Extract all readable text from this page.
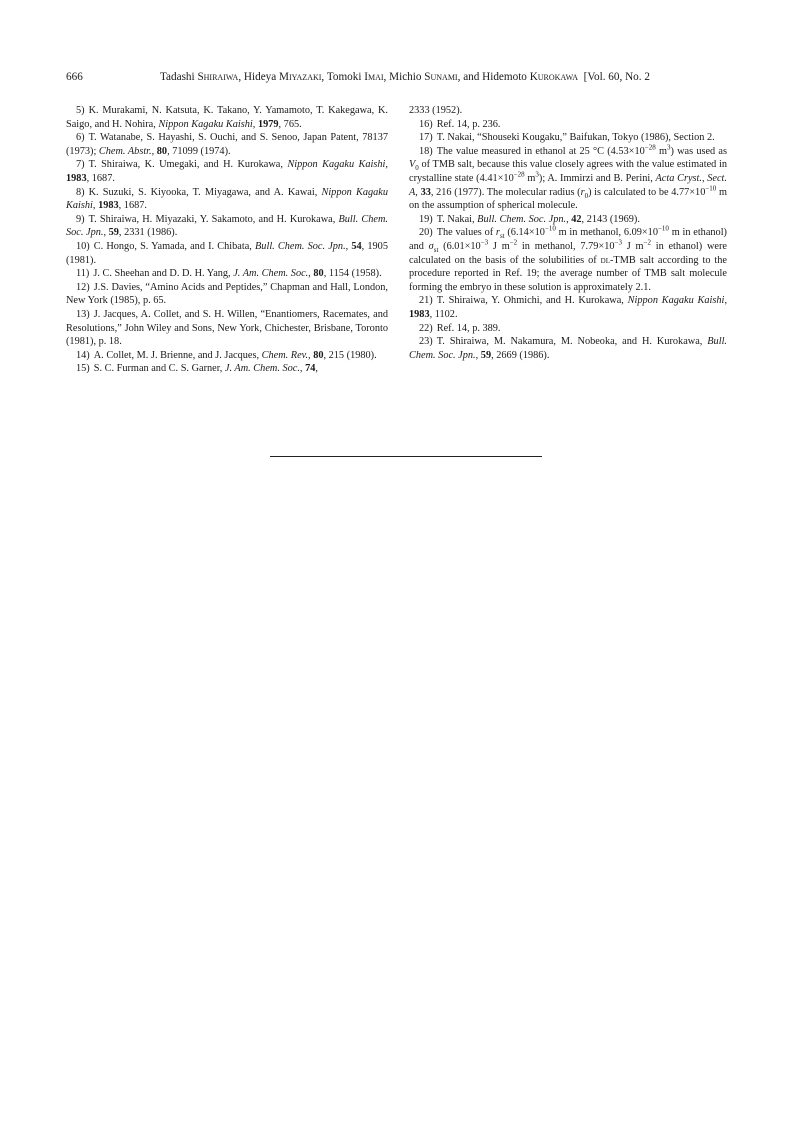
666	Tadashi Shiraiwa, Hideya Miyazaki, Tomoki Imai, Michio Sunami, and Hidemoto Kurokawa [Vol. 60, No. 2

5) K. Murakami, N. Katsuta, K. Takano, Y. Yamamoto, T. Kakegawa, K. Saigo, and H. Nohira, Nippon Kagaku Kaishi, 1979, 765.

6) T. Watanabe, S. Hayashi, S. Ouchi, and S. Senoo, Japan Patent, 78137 (1973); Chem. Abstr., 80, 71099 (1974).

7) T. Shiraiwa, K. Umegaki, and H. Kurokawa, Nippon Kagaku Kaishi, 1983, 1687.

8) K. Suzuki, S. Kiyooka, T. Miyagawa, and A. Kawai, Nippon Kagaku Kaishi, 1983, 1687.

9) T. Shiraiwa, H. Miyazaki, Y. Sakamoto, and H. Kurokawa, Bull. Chem. Soc. Jpn., 59, 2331 (1986).

10) C. Hongo, S. Yamada, and I. Chibata, Bull. Chem. Soc. Jpn., 54, 1905 (1981).

11) J. C. Sheehan and D. D. H. Yang, J. Am. Chem. Soc., 80, 1154 (1958).

12) J.S. Davies, “Amino Acids and Peptides,” Chapman and Hall, London, New York (1985), p. 65.

13) J. Jacques, A. Collet, and S. H. Willen, “Enantiomers, Racemates, and Resolutions,” John Wiley and Sons, New York, Chichester, Brisbane, Toronto (1981), p. 18.

14) A. Collet, M. J. Brienne, and J. Jacques, Chem. Rev., 80, 215 (1980).

15) S. C. Furman and C. S. Garner, J. Am. Chem. Soc., 74,

2333 (1952).

16) Ref. 14, p. 236.

17) T. Nakai, “Shouseki Kougaku,” Baifukan, Tokyo (1986), Section 2.

18) The value measured in ethanol at 25 °C ($4.53\times 10^{-28}$ $m^3$) was used as $V_0$ of TMB salt, because this value closely agrees with the value estimated in crystalline state ($4.41\times 10^{-28}$ $m^3$); A. Immirzi and B. Perini, Acta Cryst., Sect. A, 33, 216 (1977). The molecular radius $(r_0)$ is calculated to be $4.77\times 10^{-10}$ m on the assumption of spherical molecule.

19) T. Nakai, Bull. Chem. Soc. Jpn., 42, 2143 (1969).

20) The values of $r_{st}$ ($6.14\times 10^{-10}$ m in methanol, $6.09\times 10^{-10}$ m in ethanol) and $\sigma_{st}$ ($6.01\times 10^{-3}$ J $m^{-2}$ in methanol, $7.79\times 10^{-3}$ J $m^{-2}$ in ethanol) were calculated on the basis of the solubilities of dl-TMB salt according to the procedure reported in Ref. 19; the average number of TMB salt molecule forming the embryo in these solution is approximately 2.1.

21) T. Shiraiwa, Y. Ohmichi, and H. Kurokawa, Nippon Kagaku Kaishi, 1983, 1102.

22) Ref. 14, p. 389.

23) T. Shiraiwa, M. Nakamura, M. Nobeoka, and H. Kurokawa, Bull. Chem. Soc. Jpn., 59, 2669 (1986).
